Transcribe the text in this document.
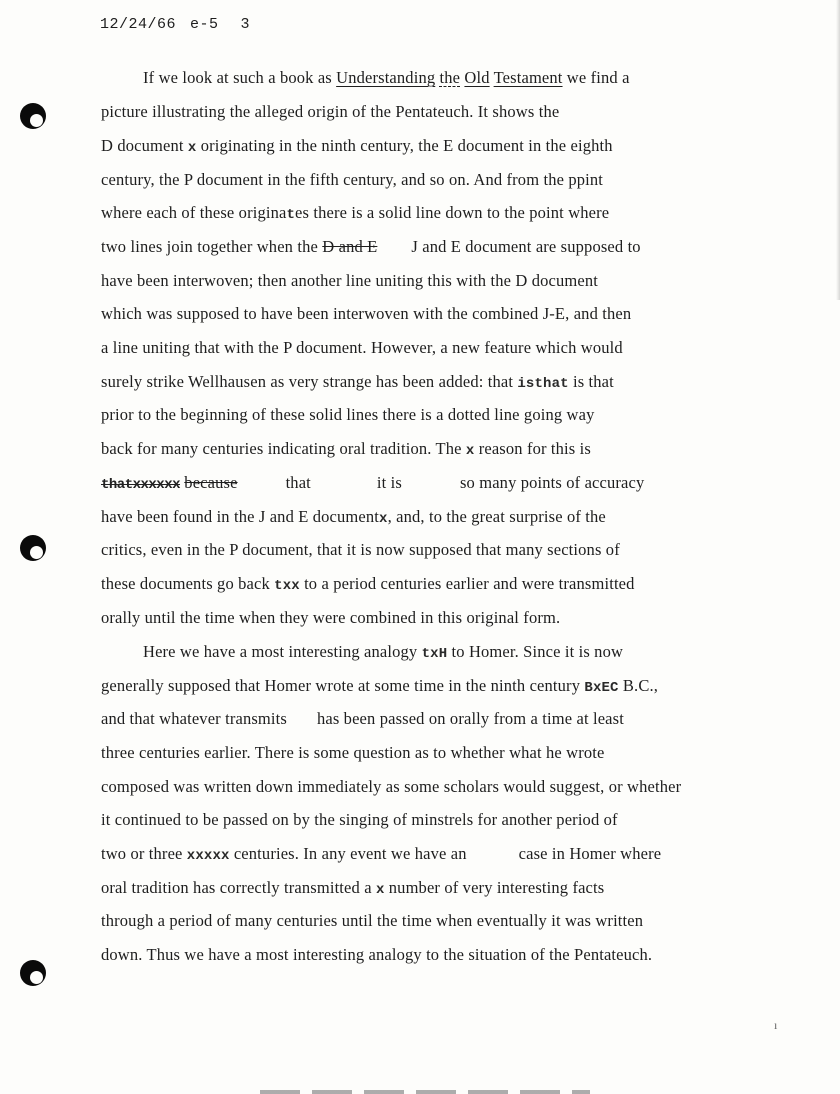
12/24/66 e-5 3
If we look at such a book as Understanding the Old Testament we find a
picture illustrating the alleged origin of the Pentateuch. It shows the
D document x originating in the ninth century, the E document in the eighth
century, the P document in the fifth century, and so on. And from the ppint
where each of these originates there is a solid line down to the point where
two lines join together when the D and E J and E document are supposed to
have been interwoven; then another line uniting this with the D document
which was supposed to have been interwoven with the combined J-E, and then
a line uniting that with the P document. However, a new feature which would
surely strike Wellhausen as very strange has been added: that isthat is that
prior to the beginning of these solid lines there is a dotted line going way
back for many centuries indicating oral tradition. The x reason for this is
thatxxxxxx because	that	it is	so many points of accuracy
have been found in the J and E documentx, and, to the great surprise of the
critics, even in the P document, that it is now supposed that many sections of
these documents go back txx to a period centuries earlier and were transmitted
orally until the time when they were combined in this original form.
Here we have a most interesting analogy txH to Homer. Since it is now
generally supposed that Homer wrote at some time in the ninth century BxEC B.C.,
and that whatever transmits has been passed on orally from a time at least
three centuries earlier. There is some question as to whether what he wrote
composed was written down immediately as some scholars would suggest, or whether
it continued to be passed on by the singing of minstrels for another period of
two or three xxxxx centuries. In any event we have an	case in Homer where
oral tradition has correctly transmitted a x number of very interesting facts
through a period of many centuries until the time when eventually it was written
down. Thus we have a most interesting analogy to the situation of the Pentateuch.
ı
